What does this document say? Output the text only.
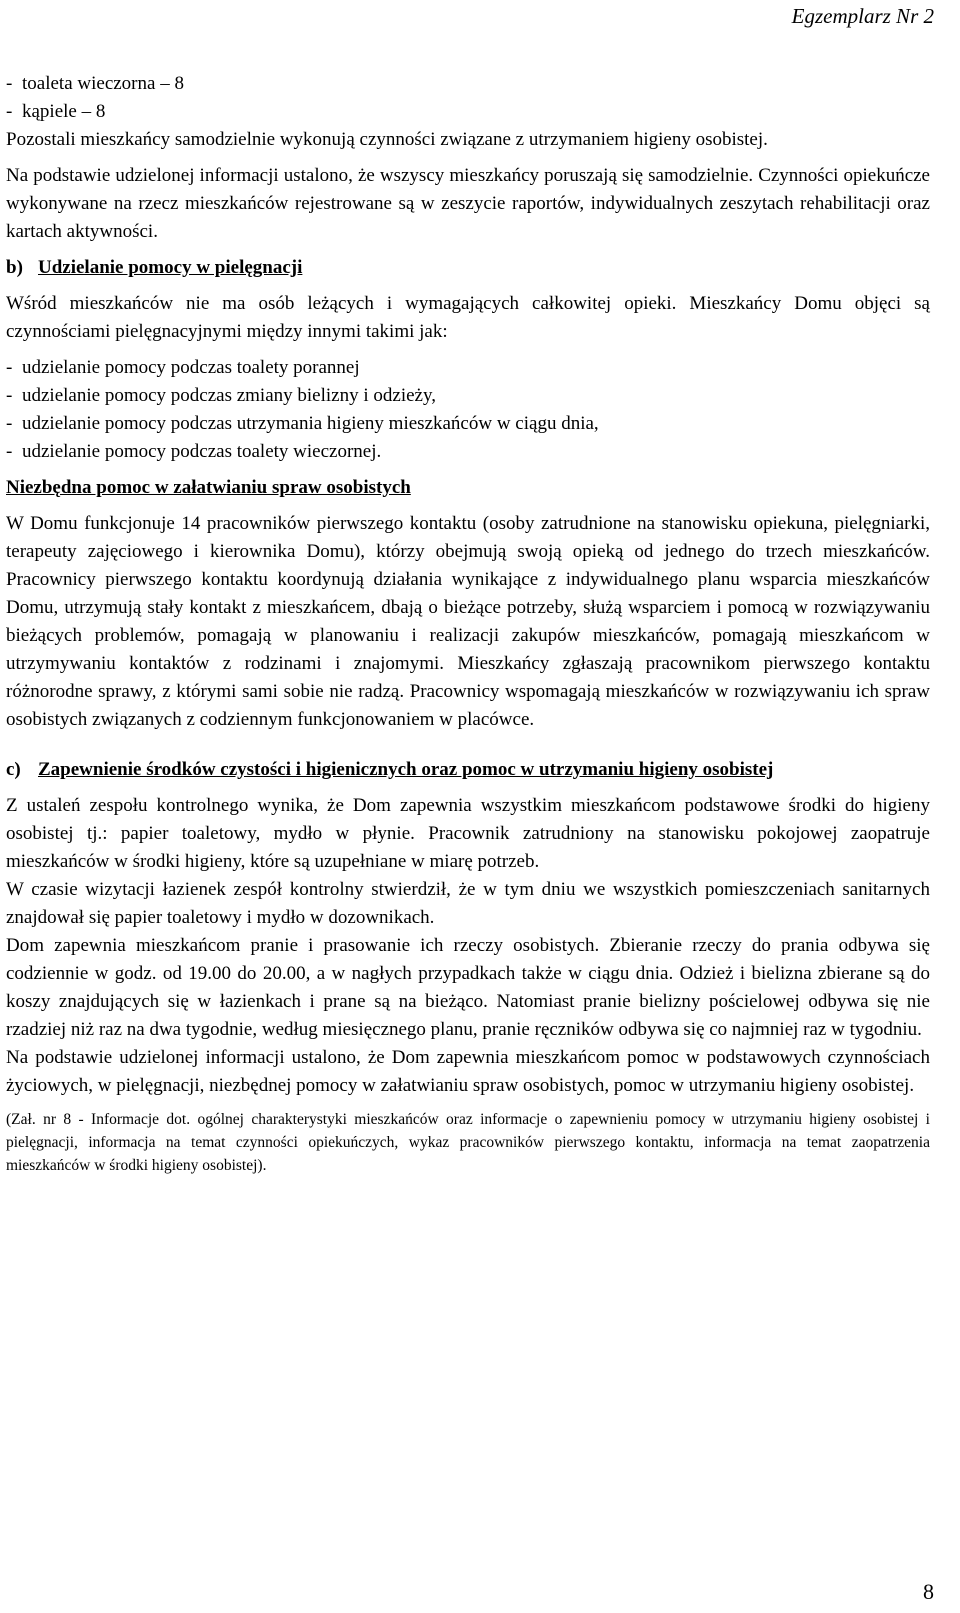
Egzemplarz Nr 2

- toaleta wieczorna – 8

- kąpiele – 8

Pozostali mieszkańcy samodzielnie wykonują czynności związane z utrzymaniem higieny osobistej.

Na podstawie udzielonej informacji ustalono, że wszyscy mieszkańcy poruszają się samodzielnie. Czynności opiekuńcze wykonywane na rzecz mieszkańców rejestrowane są w zeszycie raportów, indywidualnych zeszytach rehabilitacji oraz kartach aktywności.

b) Udzielanie pomocy w pielęgnacji

Wśród mieszkańców nie ma osób leżących i wymagających całkowitej opieki. Mieszkańcy Domu objęci są czynnościami pielęgnacyjnymi między innymi takimi jak:

- udzielanie pomocy podczas toalety porannej

- udzielanie pomocy podczas zmiany bielizny i odzieży,

- udzielanie pomocy podczas utrzymania higieny mieszkańców w ciągu dnia,

- udzielanie pomocy podczas toalety wieczornej.

Niezbędna pomoc w załatwianiu spraw osobistych

W Domu funkcjonuje 14 pracowników pierwszego kontaktu (osoby zatrudnione na stanowisku opiekuna, pielęgniarki, terapeuty zajęciowego i kierownika Domu), którzy obejmują swoją opieką od jednego do trzech mieszkańców. Pracownicy pierwszego kontaktu koordynują działania wynikające z indywidualnego planu wsparcia mieszkańców Domu, utrzymują stały kontakt z mieszkańcem, dbają o bieżące potrzeby, służą wsparciem i pomocą w rozwiązywaniu bieżących problemów, pomagają w planowaniu i realizacji zakupów mieszkańców, pomagają mieszkańcom w utrzymywaniu kontaktów z rodzinami i znajomymi. Mieszkańcy zgłaszają pracownikom pierwszego kontaktu różnorodne sprawy, z którymi sami sobie nie radzą. Pracownicy wspomagają mieszkańców w rozwiązywaniu ich spraw osobistych związanych z codziennym funkcjonowaniem w placówce.

c) Zapewnienie środków czystości i higienicznych oraz pomoc w utrzymaniu higieny osobistej

Z ustaleń zespołu kontrolnego wynika, że Dom zapewnia wszystkim mieszkańcom podstawowe środki do higieny osobistej tj.: papier toaletowy, mydło w płynie. Pracownik zatrudniony na stanowisku pokojowej zaopatruje mieszkańców w środki higieny, które są uzupełniane w miarę potrzeb.

W czasie wizytacji łazienek zespół kontrolny stwierdził, że w tym dniu we wszystkich pomieszczeniach sanitarnych znajdował się papier toaletowy i mydło w dozownikach.

Dom zapewnia mieszkańcom pranie i prasowanie ich rzeczy osobistych. Zbieranie rzeczy do prania odbywa się codziennie w godz. od 19.00 do 20.00, a w nagłych przypadkach także w ciągu dnia. Odzież i bielizna zbierane są do koszy znajdujących się w łazienkach i prane są na bieżąco. Natomiast pranie bielizny pościelowej odbywa się nie rzadziej niż raz na dwa tygodnie, według miesięcznego planu, pranie ręczników odbywa się co najmniej raz w tygodniu.

Na podstawie udzielonej informacji ustalono, że Dom zapewnia mieszkańcom pomoc w podstawowych czynnościach życiowych, w pielęgnacji, niezbędnej pomocy w załatwianiu spraw osobistych, pomoc w utrzymaniu higieny osobistej.

(Zał. nr 8 - Informacje dot. ogólnej charakterystyki mieszkańców oraz informacje o zapewnieniu pomocy w utrzymaniu higieny osobistej i pielęgnacji, informacja na temat czynności opiekuńczych, wykaz pracowników pierwszego kontaktu, informacja na temat zaopatrzenia mieszkańców w środki higieny osobistej).

8
